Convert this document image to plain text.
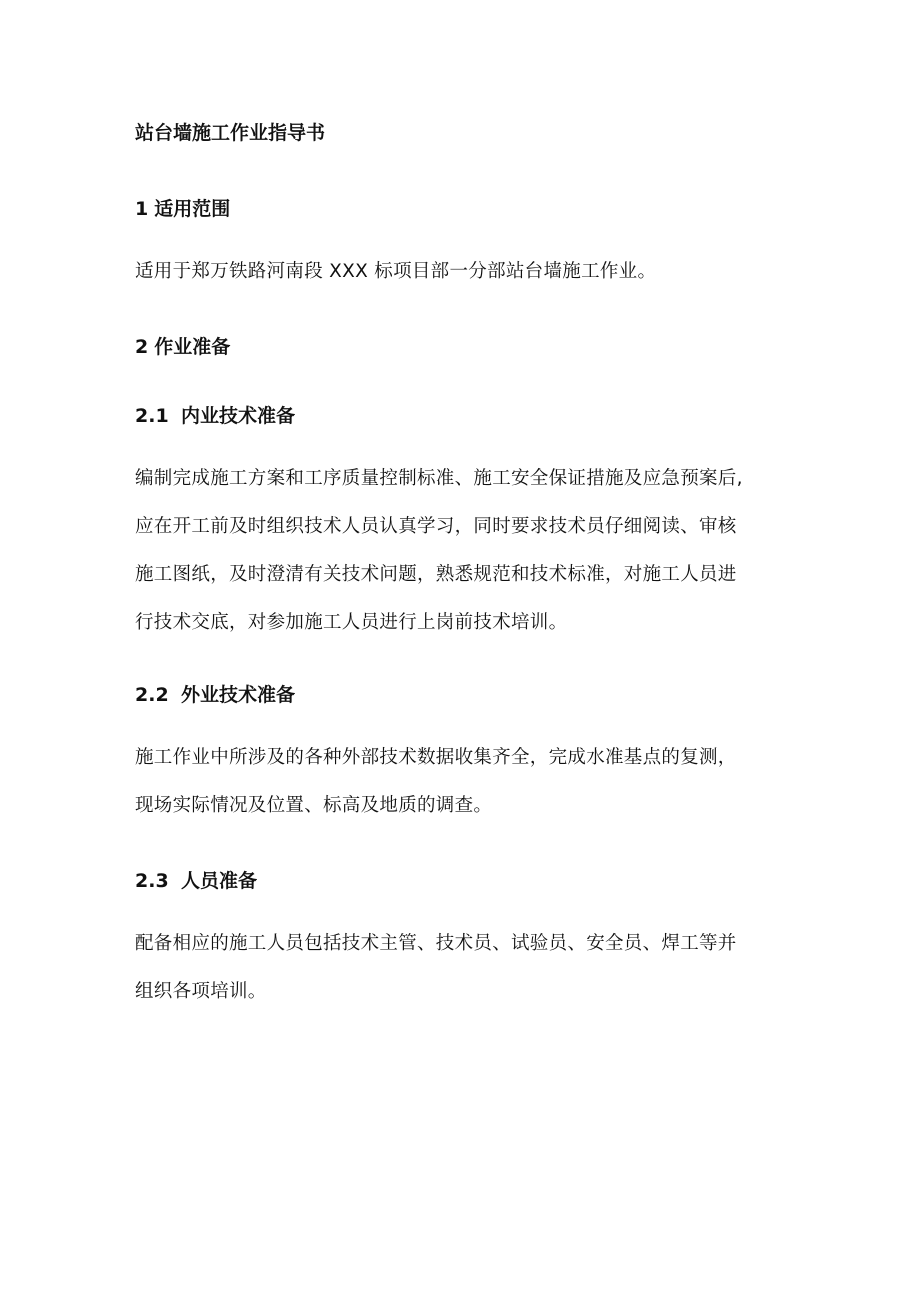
站台墙施工作业指导书
1 适用范围

适用于郑万铁路河南段 XXX 标项目部一分部站台墙施工作业。

2 作业准备
2.1 内业技术准备

编制完成施工方案和工序质量控制标准、施工安全保证措施及应急预案后,
应在开工前及时组织技术人员认真学习，同时要求技术员仔细阅读、审核
施工图纸，及时澄清有关技术问题，熟悉规范和技术标准，对施工人员进
行技术交底，对参加施工人员进行上岗前技术培训。

2.2 外业技术准备

施工作业中所涉及的各种外部技术数据收集齐全，完成水准基点的复测，
现场实际情况及位置、标高及地质的调查。

2.3 人员准备

配备相应的施工人员包括技术主管、技术员、试验员、安全员、焊工等并
组织各项培训。
